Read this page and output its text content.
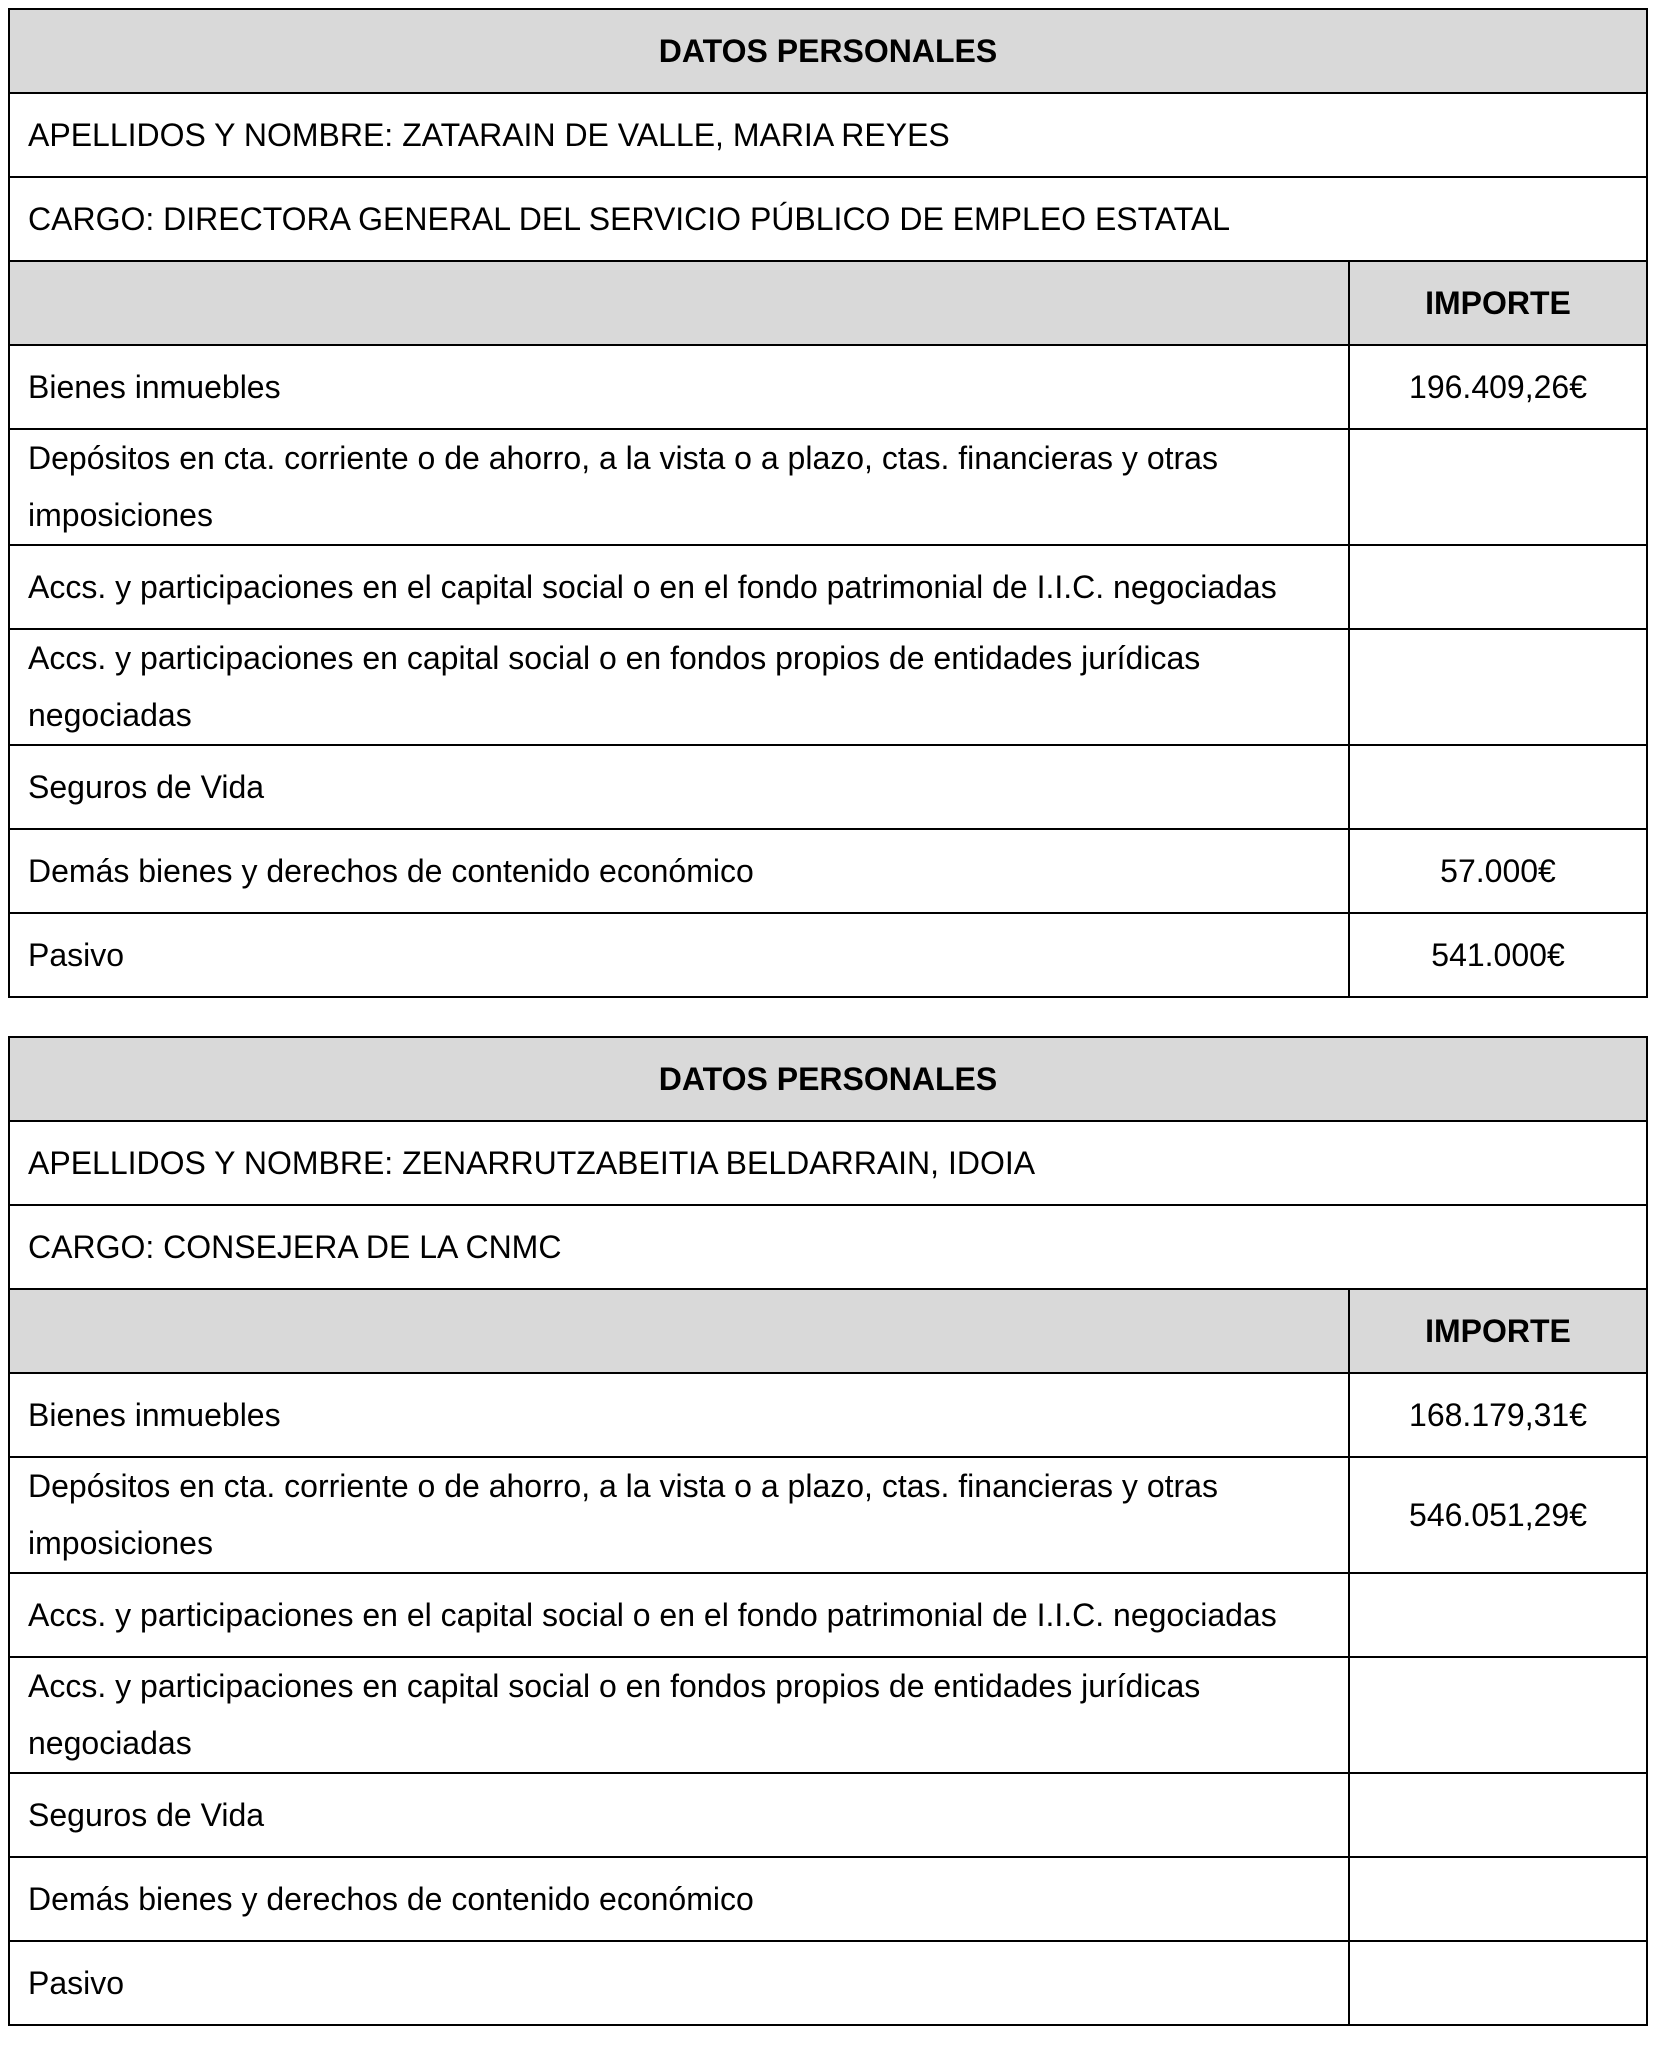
DATOS PERSONALES	
APELLIDOS Y NOMBRE: ZATARAIN DE VALLE, MARIA REYES	
CARGO: DIRECTORA GENERAL DEL SERVICIO PÚBLICO DE EMPLEO ESTATAL	
	IMPORTE
Bienes inmuebles	196.409,26€
Depósitos en cta. corriente o de ahorro, a la vista o a plazo, ctas. financieras y otras imposiciones	
Accs. y participaciones en el capital social o en el fondo patrimonial de I.I.C. negociadas	
Accs. y participaciones en capital social o en fondos propios de entidades jurídicas negociadas	
Seguros de Vida	
Demás bienes y derechos de contenido económico	57.000€
Pasivo	541.000€
DATOS PERSONALES	
APELLIDOS Y NOMBRE: ZENARRUTZABEITIA BELDARRAIN, IDOIA	
CARGO: CONSEJERA DE LA CNMC	
	IMPORTE
Bienes inmuebles	168.179,31€
Depósitos en cta. corriente o de ahorro, a la vista o a plazo, ctas. financieras y otras imposiciones	546.051,29€
Accs. y participaciones en el capital social o en el fondo patrimonial de I.I.C. negociadas	
Accs. y participaciones en capital social o en fondos propios de entidades jurídicas negociadas	
Seguros de Vida	
Demás bienes y derechos de contenido económico	
Pasivo	
